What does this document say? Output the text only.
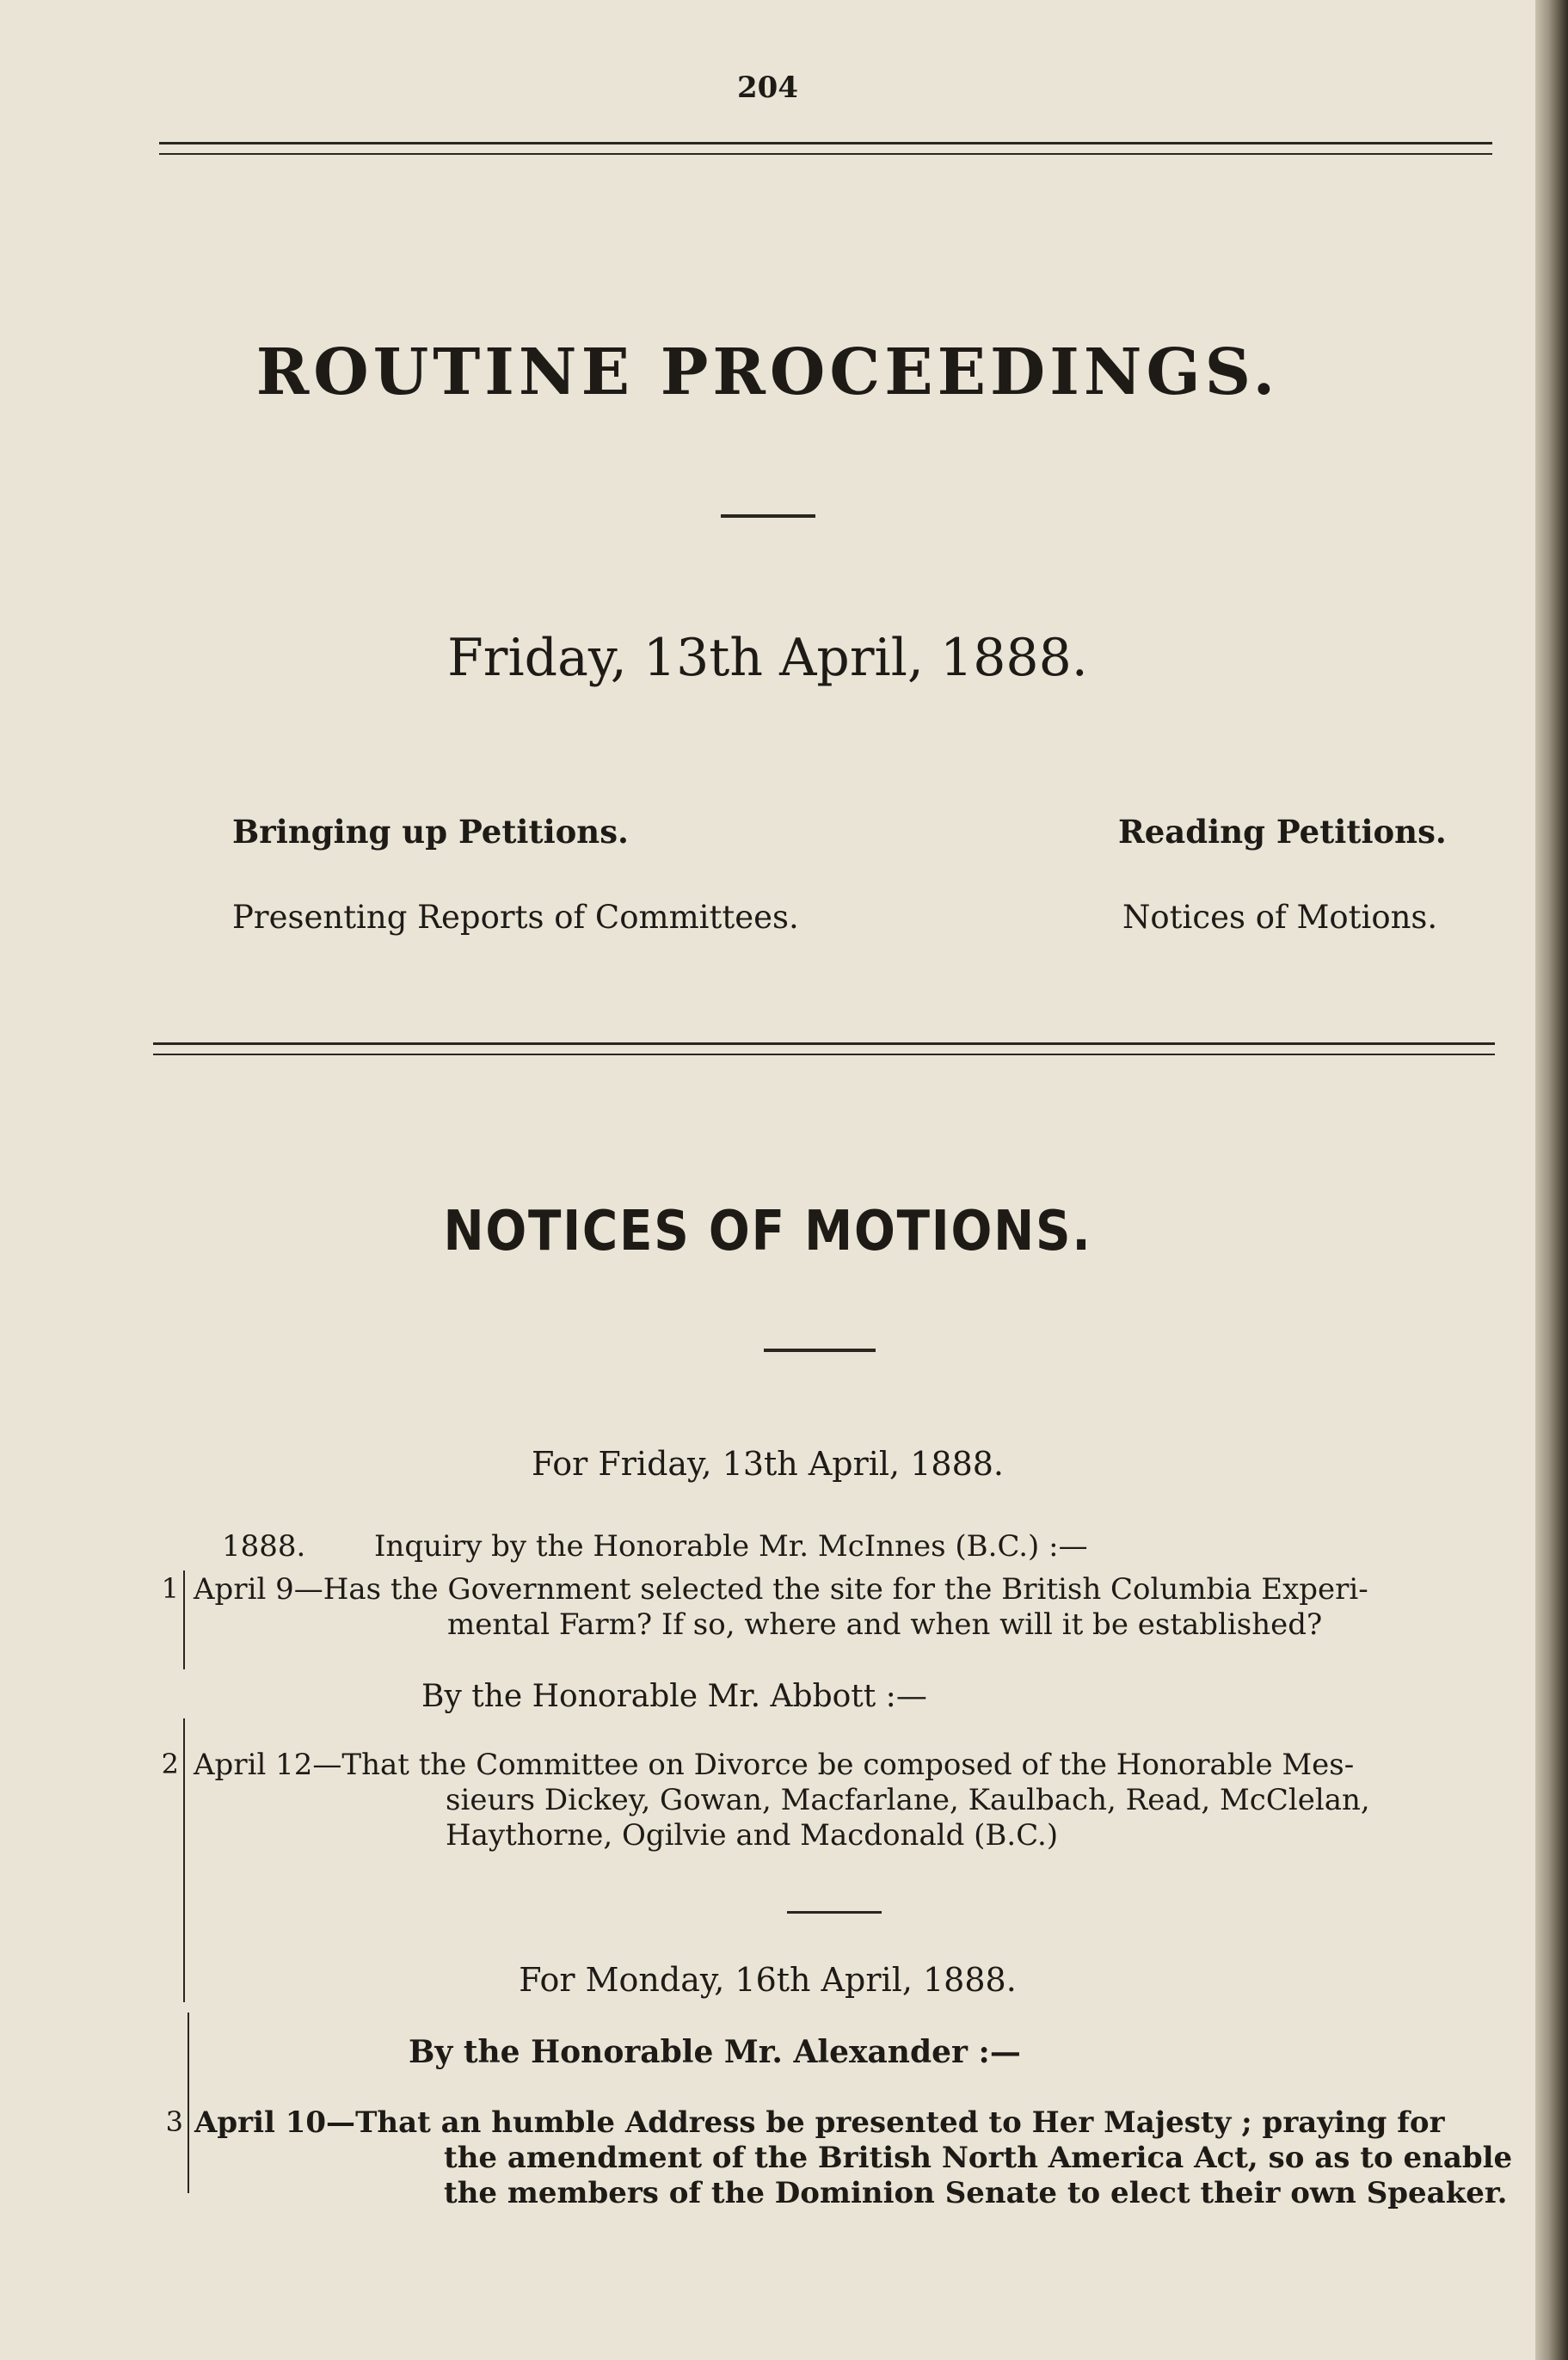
204
ROUTINE PROCEEDINGS.
Friday, 13th April, 1888.
Bringing up Petitions.	Reading Petitions.
Presenting Reports of Committees.	Notices of Motions.
NOTICES OF MOTIONS.
For Friday, 13th April, 1888.
1888. Inquiry by the Honorable Mr. McInnes (B.C.) :—
1 April 9—Has the Government selected the site for the British Columbia Experi-
mental Farm? If so, where and when will it be established?
By the Honorable Mr. Abbott :—
2 April 12—That the Committee on Divorce be composed of the Honorable Mes-
sieurs Dickey, Gowan, Macfarlane, Kaulbach, Read, McClelan,
Haythorne, Ogilvie and Macdonald (B.C.)
For Monday, 16th April, 1888.
By the Honorable Mr. Alexander :—
3 April 10—That an humble Address be presented to Her Majesty ; praying for
the amendment of the British North America Act, so as to enable
the members of the Dominion Senate to elect their own Speaker.
